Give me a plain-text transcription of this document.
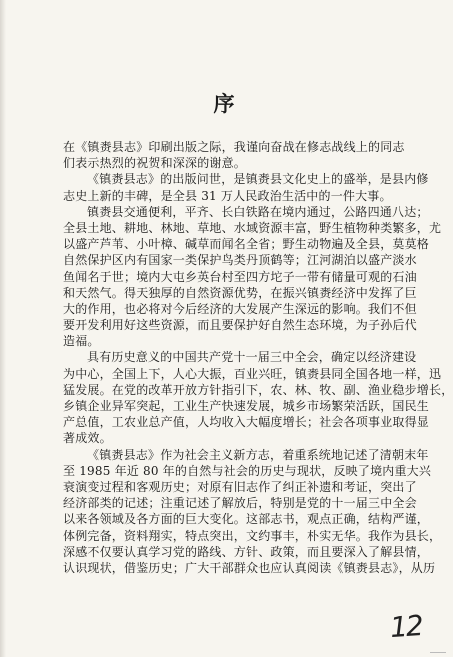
序
在《镇赉县志》印刷出版之际，我谨向奋战在修志战线上的同志
们表示热烈的祝贺和深深的谢意。
《镇赉县志》的出版问世，是镇赉县文化史上的盛举，是县内修
志史上新的丰碑，是全县 31 万人民政治生活中的一件大事。
镇赉县交通便利，平齐、长白铁路在境内通过，公路四通八达；
全县土地、耕地、林地、草地、水域资源丰富，野生植物种类繁多，尤
以盛产芦苇、小叶樟、碱草而闻名全省；野生动物遍及全县，莫莫格
自然保护区内有国家一类保护鸟类丹顶鹤等；江河湖泊以盛产淡水
鱼闻名于世；境内大屯乡英台村至四方坨子一带有储量可观的石油
和天然气。得天独厚的自然资源优势，在振兴镇赉经济中发挥了巨
大的作用，也必将对今后经济的大发展产生深远的影响。我们不但
要开发利用好这些资源，而且要保护好自然生态环境，为子孙后代
造福。
具有历史意义的中国共产党十一届三中全会，确定以经济建设
为中心，全国上下，人心大振，百业兴旺，镇赉县同全国各地一样，迅
猛发展。在党的改革开放方针指引下，农、林、牧、副、渔业稳步增长，
乡镇企业异军突起，工业生产快速发展，城乡市场繁荣活跃，国民生
产总值，工农业总产值，人均收入大幅度增长；社会各项事业取得显
著成效。
《镇赉县志》作为社会主义新方志，着重系统地记述了清朝末年
至 1985 年近 80 年的自然与社会的历史与现状，反映了境内重大兴
衰演变过程和客观历史；对原有旧志作了纠正补遗和考证，突出了
经济部类的记述；注重记述了解放后，特别是党的十一届三中全会
以来各领域及各方面的巨大变化。这部志书，观点正确，结构严谨，
体例完备，资料翔实，特点突出，文约事丰，朴实无华。我作为县长，
深感不仅要认真学习党的路线、方针、政策，而且要深入了解县情，
认识现状，借鉴历史；广大干部群众也应认真阅读《镇赉县志》，从历
12
